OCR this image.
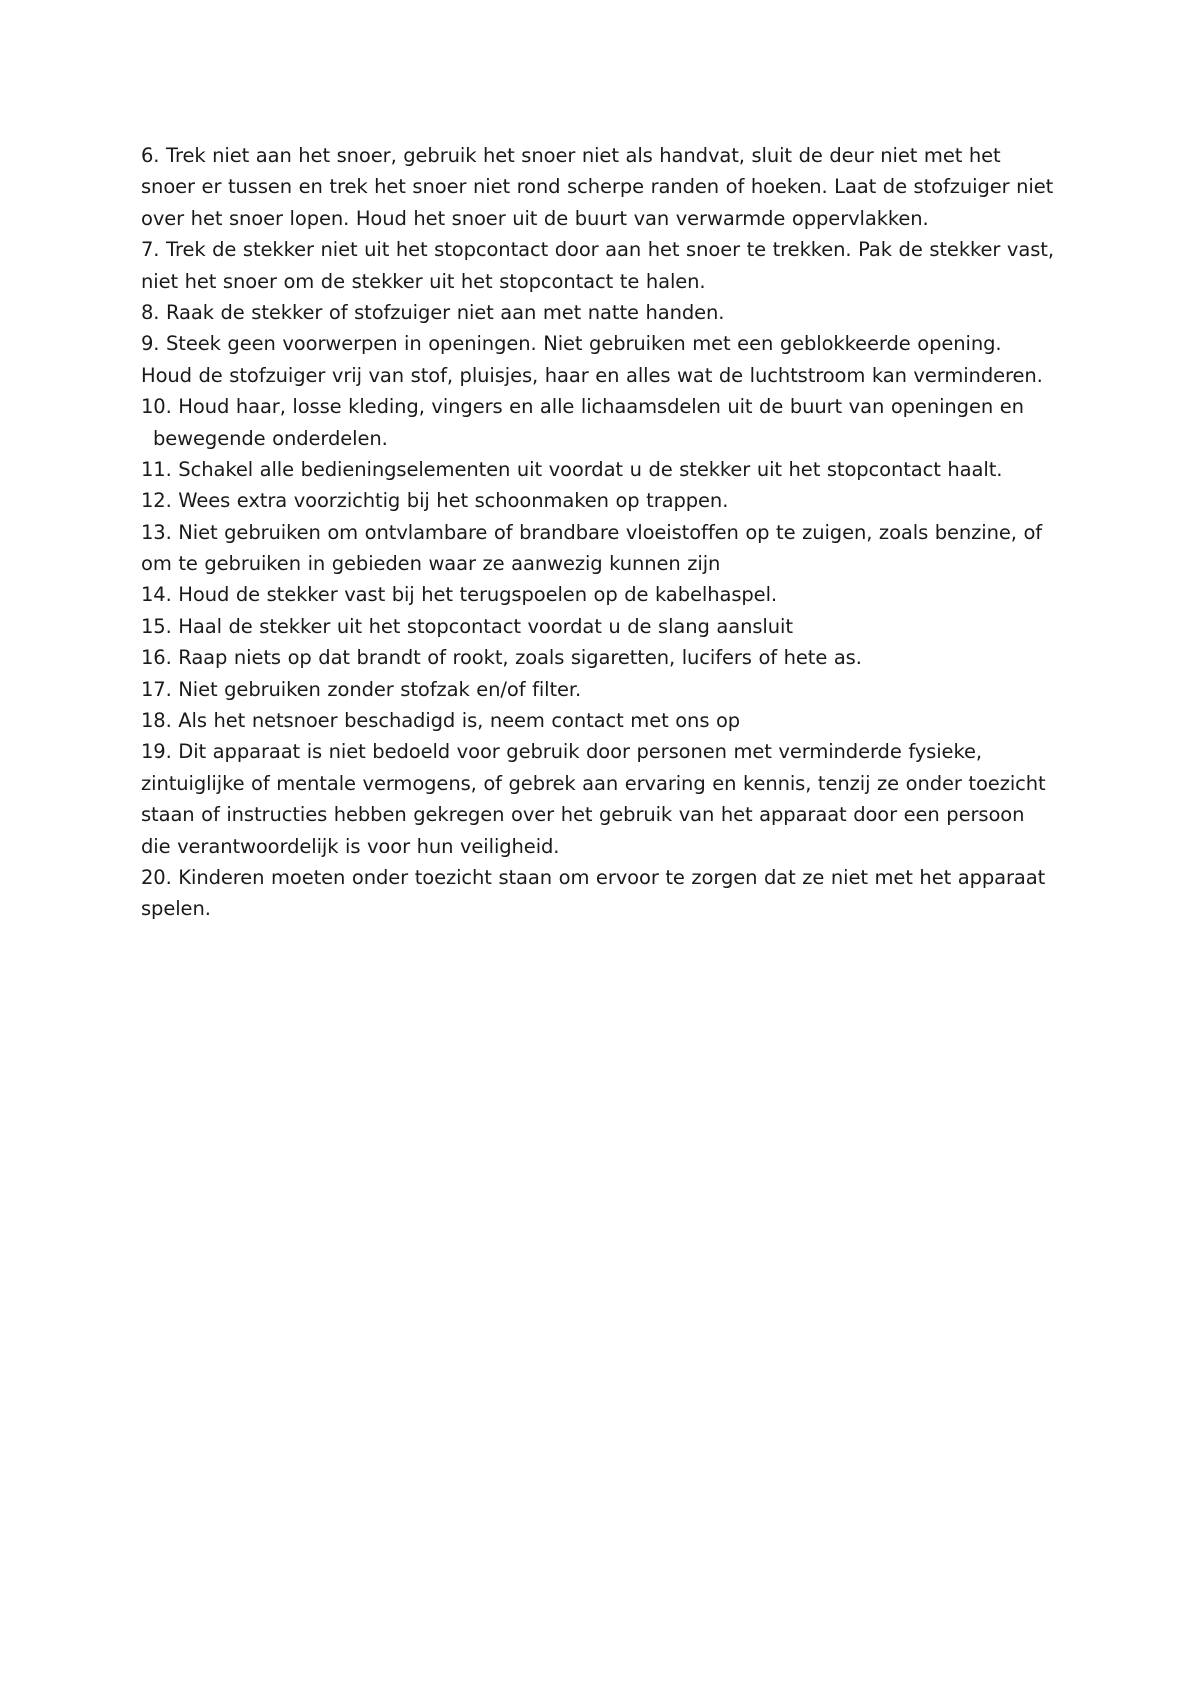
6. Trek niet aan het snoer, gebruik het snoer niet als handvat, sluit de deur niet met het
snoer er tussen en trek het snoer niet rond scherpe randen of hoeken. Laat de stofzuiger niet
over het snoer lopen. Houd het snoer uit de buurt van verwarmde oppervlakken.
7. Trek de stekker niet uit het stopcontact door aan het snoer te trekken. Pak de stekker vast,
niet het snoer om de stekker uit het stopcontact te halen.
8. Raak de stekker of stofzuiger niet aan met natte handen.
9. Steek geen voorwerpen in openingen. Niet gebruiken met een geblokkeerde opening.
Houd de stofzuiger vrij van stof, pluisjes, haar en alles wat de luchtstroom kan verminderen.
10. Houd haar, losse kleding, vingers en alle lichaamsdelen uit de buurt van openingen en
bewegende onderdelen.
11. Schakel alle bedieningselementen uit voordat u de stekker uit het stopcontact haalt.
12. Wees extra voorzichtig bij het schoonmaken op trappen.
13. Niet gebruiken om ontvlambare of brandbare vloeistoffen op te zuigen, zoals benzine, of
om te gebruiken in gebieden waar ze aanwezig kunnen zijn
14. Houd de stekker vast bij het terugspoelen op de kabelhaspel.
15. Haal de stekker uit het stopcontact voordat u de slang aansluit
16. Raap niets op dat brandt of rookt, zoals sigaretten, lucifers of hete as.
17. Niet gebruiken zonder stofzak en/of filter.
18. Als het netsnoer beschadigd is, neem contact met ons op
19. Dit apparaat is niet bedoeld voor gebruik door personen met verminderde fysieke,
zintuiglijke of mentale vermogens, of gebrek aan ervaring en kennis, tenzij ze onder toezicht
staan of instructies hebben gekregen over het gebruik van het apparaat door een persoon
die verantwoordelijk is voor hun veiligheid.
20. Kinderen moeten onder toezicht staan om ervoor te zorgen dat ze niet met het apparaat
spelen.
